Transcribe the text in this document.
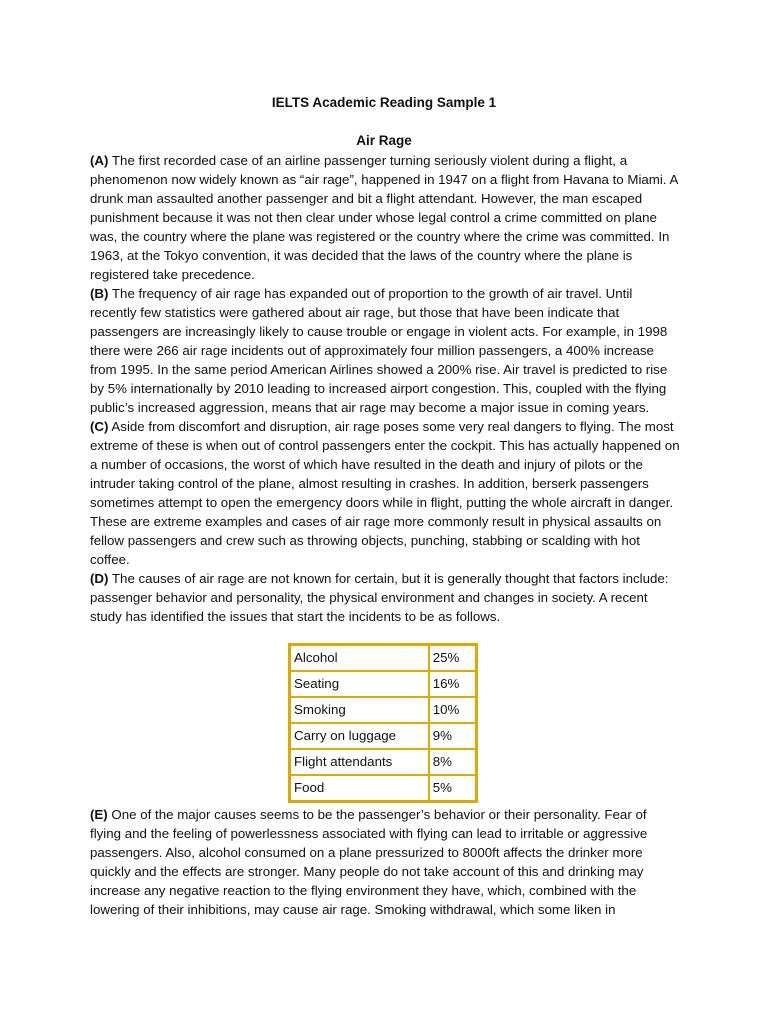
IELTS Academic Reading Sample 1
Air Rage

(A) The first recorded case of an airline passenger turning seriously violent during a flight, a phenomenon now widely known as “air rage”, happened in 1947 on a flight from Havana to Miami. A drunk man assaulted another passenger and bit a flight attendant. However, the man escaped punishment because it was not then clear under whose legal control a crime committed on plane was, the country where the plane was registered or the country where the crime was committed. In 1963, at the Tokyo convention, it was decided that the laws of the country where the plane is registered take precedence.

(B) The frequency of air rage has expanded out of proportion to the growth of air travel. Until recently few statistics were gathered about air rage, but those that have been indicate that passengers are increasingly likely to cause trouble or engage in violent acts. For example, in 1998 there were 266 air rage incidents out of approximately four million passengers, a 400% increase from 1995. In the same period American Airlines showed a 200% rise. Air travel is predicted to rise by 5% internationally by 2010 leading to increased airport congestion. This, coupled with the flying public’s increased aggression, means that air rage may become a major issue in coming years.

(C) Aside from discomfort and disruption, air rage poses some very real dangers to flying. The most extreme of these is when out of control passengers enter the cockpit. This has actually happened on a number of occasions, the worst of which have resulted in the death and injury of pilots or the intruder taking control of the plane, almost resulting in crashes. In addition, berserk passengers sometimes attempt to open the emergency doors while in flight, putting the whole aircraft in danger. These are extreme examples and cases of air rage more commonly result in physical assaults on fellow passengers and crew such as throwing objects, punching, stabbing or scalding with hot coffee.

(D) The causes of air rage are not known for certain, but it is generally thought that factors include: passenger behavior and personality, the physical environment and changes in society. A recent study has identified the issues that start the incidents to be as follows.

Alcohol	25%
Seating	16%
Smoking	10%
Carry on luggage	9%
Flight attendants	8%
Food	5%

(E) One of the major causes seems to be the passenger’s behavior or their personality. Fear of flying and the feeling of powerlessness associated with flying can lead to irritable or aggressive passengers. Also, alcohol consumed on a plane pressurized to 8000ft affects the drinker more quickly and the effects are stronger. Many people do not take account of this and drinking may increase any negative reaction to the flying environment they have, which, combined with the lowering of their inhibitions, may cause air rage. Smoking withdrawal, which some liken in
